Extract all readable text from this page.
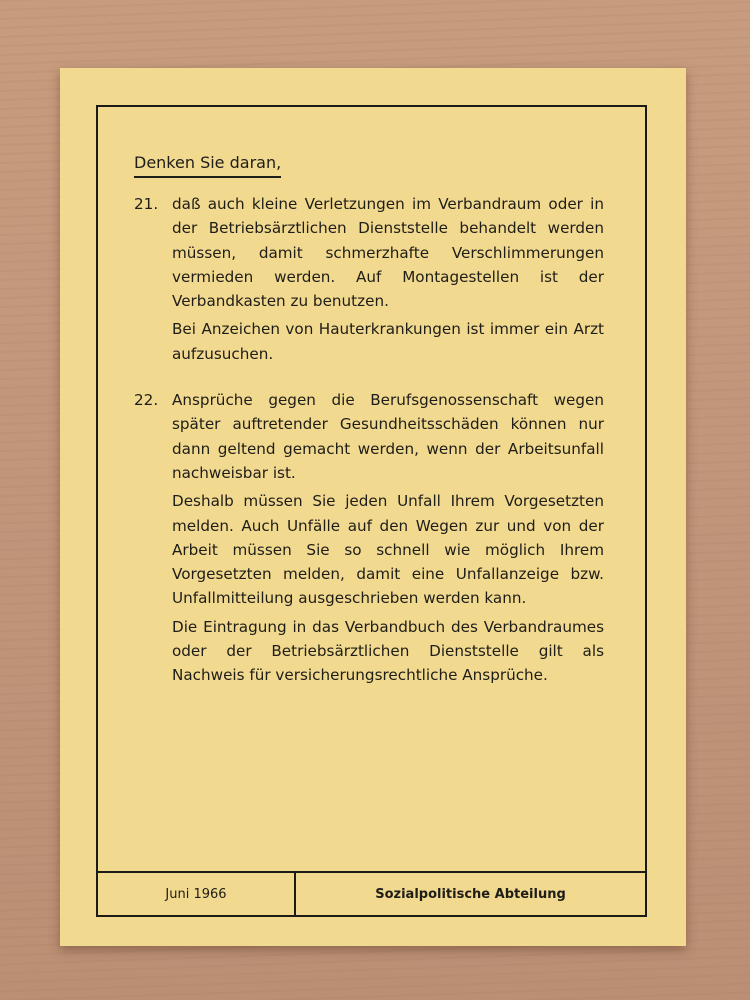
Denken Sie daran,
21. daß auch kleine Verletzungen im Verbandraum oder in der Betriebsärztlichen Dienststelle behandelt werden müssen, damit schmerzhafte Verschlimmerungen vermieden werden. Auf Montagestellen ist der Verbandkasten zu benutzen.

Bei Anzeichen von Hauterkrankungen ist immer ein Arzt aufzusuchen.

22. Ansprüche gegen die Berufsgenossenschaft wegen später auftretender Gesundheitsschäden können nur dann geltend gemacht werden, wenn der Arbeitsunfall nachweisbar ist.

Deshalb müssen Sie jeden Unfall Ihrem Vorgesetzten melden. Auch Unfälle auf den Wegen zur und von der Arbeit müssen Sie so schnell wie möglich Ihrem Vorgesetzten melden, damit eine Unfallanzeige bzw. Unfallmitteilung ausgeschrieben werden kann.

Die Eintragung in das Verbandbuch des Verbandraumes oder der Betriebsärztlichen Dienststelle gilt als Nachweis für versicherungsrechtliche Ansprüche.

Juni 1966	Sozialpolitische Abteilung
